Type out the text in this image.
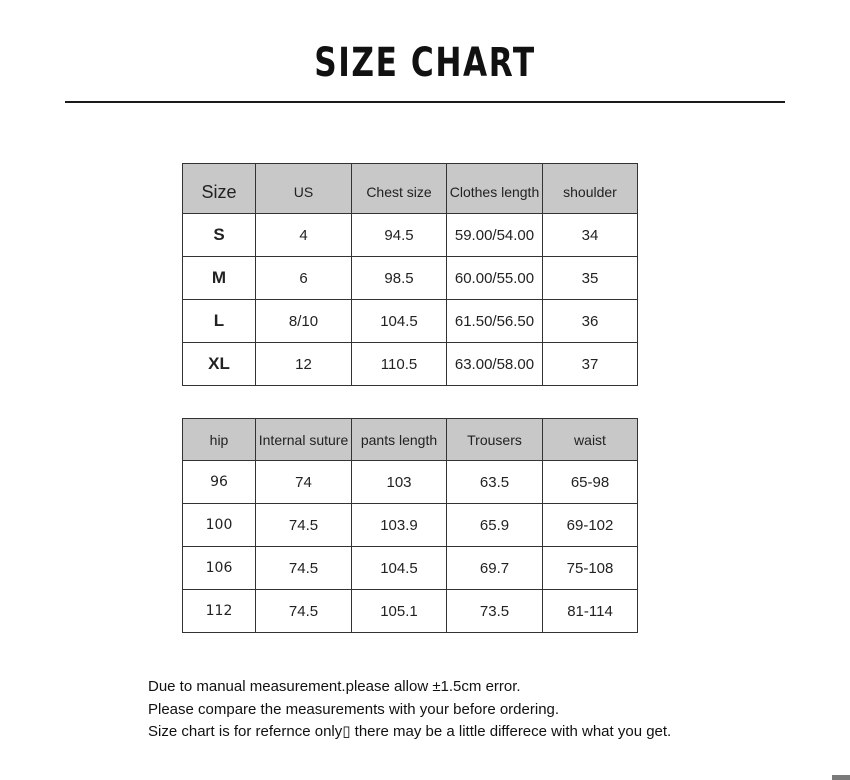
SIZE CHART
Size	US	Chest size	Clothes length	shoulder
S	4	94.5	59.00/54.00	34
M	6	98.5	60.00/55.00	35
L	8/10	104.5	61.50/56.50	36
XL	12	110.5	63.00/58.00	37
hip	Internal suture	pants length	Trousers	waist
96	74	103	63.5	65-98
100	74.5	103.9	65.9	69-102
106	74.5	104.5	69.7	75-108
112	74.5	105.1	73.5	81-114
Due to manual measurement.please allow ±1.5cm error.
Please compare the measurements with your before ordering.
Size chart is for refernce only▯ there may be a little differece with what you get.
